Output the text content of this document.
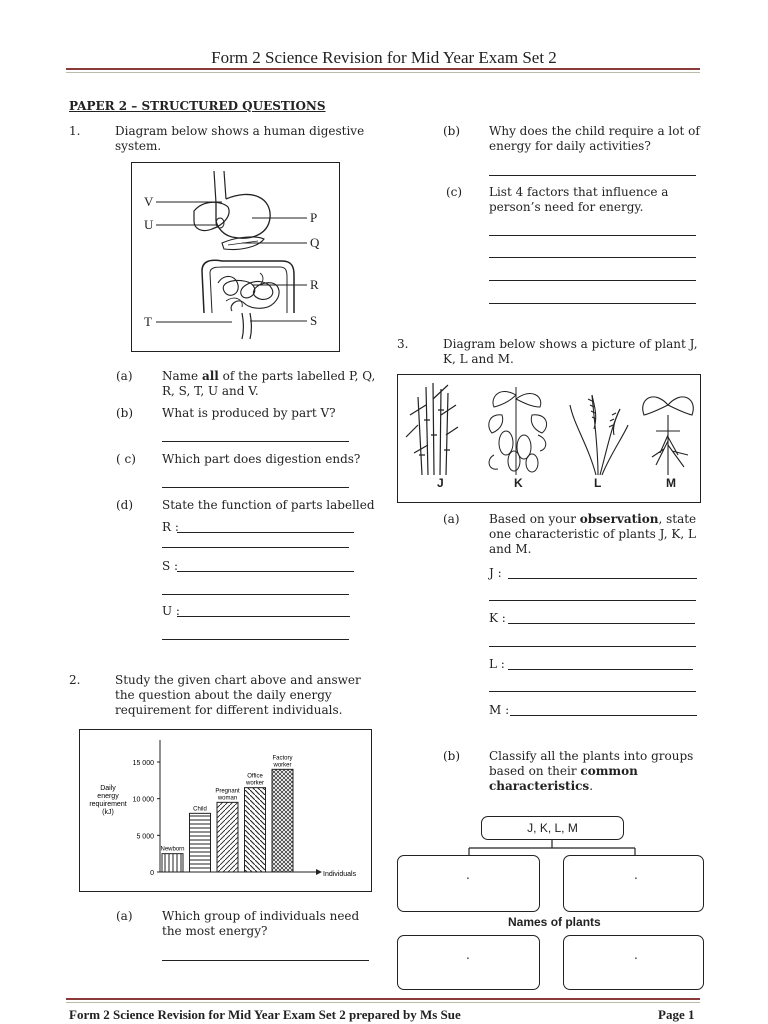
Form 2 Science Revision for Mid Year Exam Set 2
PAPER 2 – STRUCTURED QUESTIONS
1.	Diagram below shows a human digestive
system.
V
U
T
P
Q
R
S
(a) Name all of the parts labelled P, Q,
R, S, T, U and V.
(b) What is produced by part V?
( c) Which part does digestion ends?
(d) State the function of parts labelled
R :
S :
U :
2.	Study the given chart above and answer
the question about the daily energy
requirement for different individuals.
15 000
10 000
5 000
0
Daily
energy
requirement
(kJ)
Individuals
Newborn
Child
Pregnant
woman
Office
worker
Factory
worker
(a) Which group of individuals need
the most energy?
(b) Why does the child require a lot of
energy for daily activities?
(c) List 4 factors that influence a
person’s need for energy.
3.	Diagram below shows a picture of plant J,
K, L and M.
J	K	L	M
(a) Based on your observation, state
one characteristic of plants J, K, L
and M.
J :
K :
L :
M :
(b) Classify all the plants into groups
based on their common
characteristics.
J, K, L, M
.	.
Names of plants
.	.
Form 2 Science Revision for Mid Year Exam Set 2 prepared by Ms Sue	Page 1
